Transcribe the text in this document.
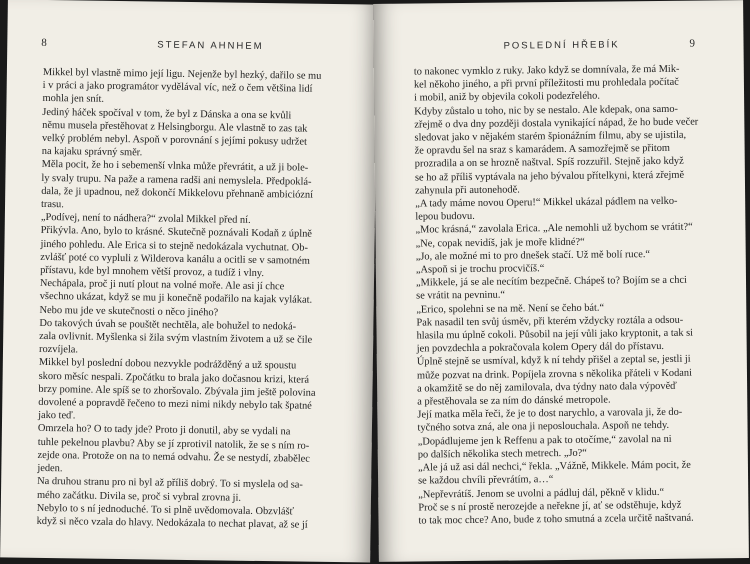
8	STEFAN AHNHEM

Mikkel byl vlastně mimo její ligu. Nejenže byl hezký, dařilo se mu

i v práci a jako programátor vydělával víc, než o čem většina lidí

mohla jen snít.

Jediný háček spočíval v tom, že byl z Dánska a ona se kvůli

němu musela přestěhovat z Helsingborgu. Ale vlastně to zas tak

velký problém nebyl. Aspoň v porovnání s jejími pokusy udržet

na kajaku správný směr.

Měla pocit, že ho i sebemenší vlnka může převrátit, a už ji bole-

ly svaly trupu. Na paže a ramena radši ani nemyslela. Předpoklá-

dala, že ji upadnou, než dokončí Mikkelovu přehnaně ambiciózní

trasu.

„Podívej, není to nádhera?“ zvolal Mikkel před ní.

Přikývla. Ano, bylo to krásné. Skutečně poznávali Kodaň z úplně

jiného pohledu. Ale Erica si to stejně nedokázala vychutnat. Ob-

zvlášť poté co vypluli z Wilderova kanálu a ocitli se v samotném

přístavu, kde byl mnohem větší provoz, a tudíž i vlny.

Nechápala, proč ji nutí plout na volné moře. Ale asi jí chce

všechno ukázat, když se mu ji konečně podařilo na kajak vylákat.

Nebo mu jde ve skutečnosti o něco jiného?

Do takových úvah se pouštět nechtěla, ale bohužel to nedoká-

zala ovlivnit. Myšlenka si žila svým vlastním životem a už se čile

rozvíjela.

Mikkel byl poslední dobou nezvykle podrážděný a už spoustu

skoro měsíc nespali. Zpočátku to brala jako dočasnou krizi, která

brzy pomine. Ale spíš se to zhoršovalo. Zbývala jim ještě polovina

dovolené a popravdě řečeno to mezi nimi nikdy nebylo tak špatné

jako teď.

Omrzela ho? O to tady jde? Proto ji donutil, aby se vydali na

tuhle pekelnou plavbu? Aby se jí zprotivil natolik, že se s ním ro-

zejde ona. Protože on na to nemá odvahu. Že se nestydí, zbabělec

jeden.

Na druhou stranu pro ni byl až příliš dobrý. To si myslela od sa-

mého začátku. Divila se, proč si vybral zrovna ji.

Nebylo to s ní jednoduché. To si plně uvědomovala. Obzvlášť

když si něco vzala do hlavy. Nedokázala to nechat plavat, až se jí

POSLEDNÍ HŘEBÍK	9

to nakonec vymklo z ruky. Jako když se domnívala, že má Mik-

kel někoho jiného, a při první příležitosti mu prohledala počítač

i mobil, aniž by objevila cokoli podezřelého.

Kdyby zůstalo u toho, nic by se nestalo. Ale kdepak, ona samo-

zřejmě o dva dny později dostala vynikající nápad, že ho bude večer

sledovat jako v nějakém starém špionážním filmu, aby se ujistila,

že opravdu šel na sraz s kamarádem. A samozřejmě se přitom

prozradila a on se hrozně naštval. Spíš rozzuřil. Stejně jako když

se ho až příliš vyptávala na jeho bývalou přítelkyni, která zřejmě

zahynula při autonehodě.

„A tady máme novou Operu!“ Mikkel ukázal pádlem na velko-

lepou budovu.

„Moc krásná,“ zavolala Erica. „Ale nemohli už bychom se vrátit?“

„Ne, copak nevidíš, jak je moře klidné?“

„Jo, ale možné mi to pro dnešek stačí. Už mě bolí ruce.“

„Aspoň si je trochu procvičíš.“

„Mikkele, já se ale necítím bezpečně. Chápeš to? Bojím se a chci

se vrátit na pevninu.“

„Erico, spolehni se na mě. Není se čeho bát.“

Pak nasadil ten svůj úsměv, při kterém vždycky roztála a odsou-

hlasila mu úplně cokoli. Působil na její vůli jako kryptonit, a tak si

jen povzdechla a pokračovala kolem Opery dál do přístavu.

Úplně stejně se usmíval, když k ní tehdy přišel a zeptal se, jestli ji

může pozvat na drink. Popíjela zrovna s několika přáteli v Kodani

a okamžitě se do něj zamilovala, dva týdny nato dala výpověď

a přestěhovala se za ním do dánské metropole.

Její matka měla řeči, že je to dost narychlo, a varovala ji, že do-

tyčného sotva zná, ale ona ji neposlouchala. Aspoň ne tehdy.

„Dopádlujeme jen k Reffenu a pak to otočíme,“ zavolal na ni

po dalších několika stech metrech. „Jo?“

„Ale já už asi dál nechci,“ řekla. „Vážně, Mikkele. Mám pocit, že

se každou chvíli převrátím, a…“

„Nepřevrátíš. Jenom se uvolni a pádluj dál, pěkně v klidu.“

Proč se s ní prostě nerozejde a neřekne jí, ať se odstěhuje, když

to tak moc chce? Ano, bude z toho smutná a zcela určitě naštvaná.
